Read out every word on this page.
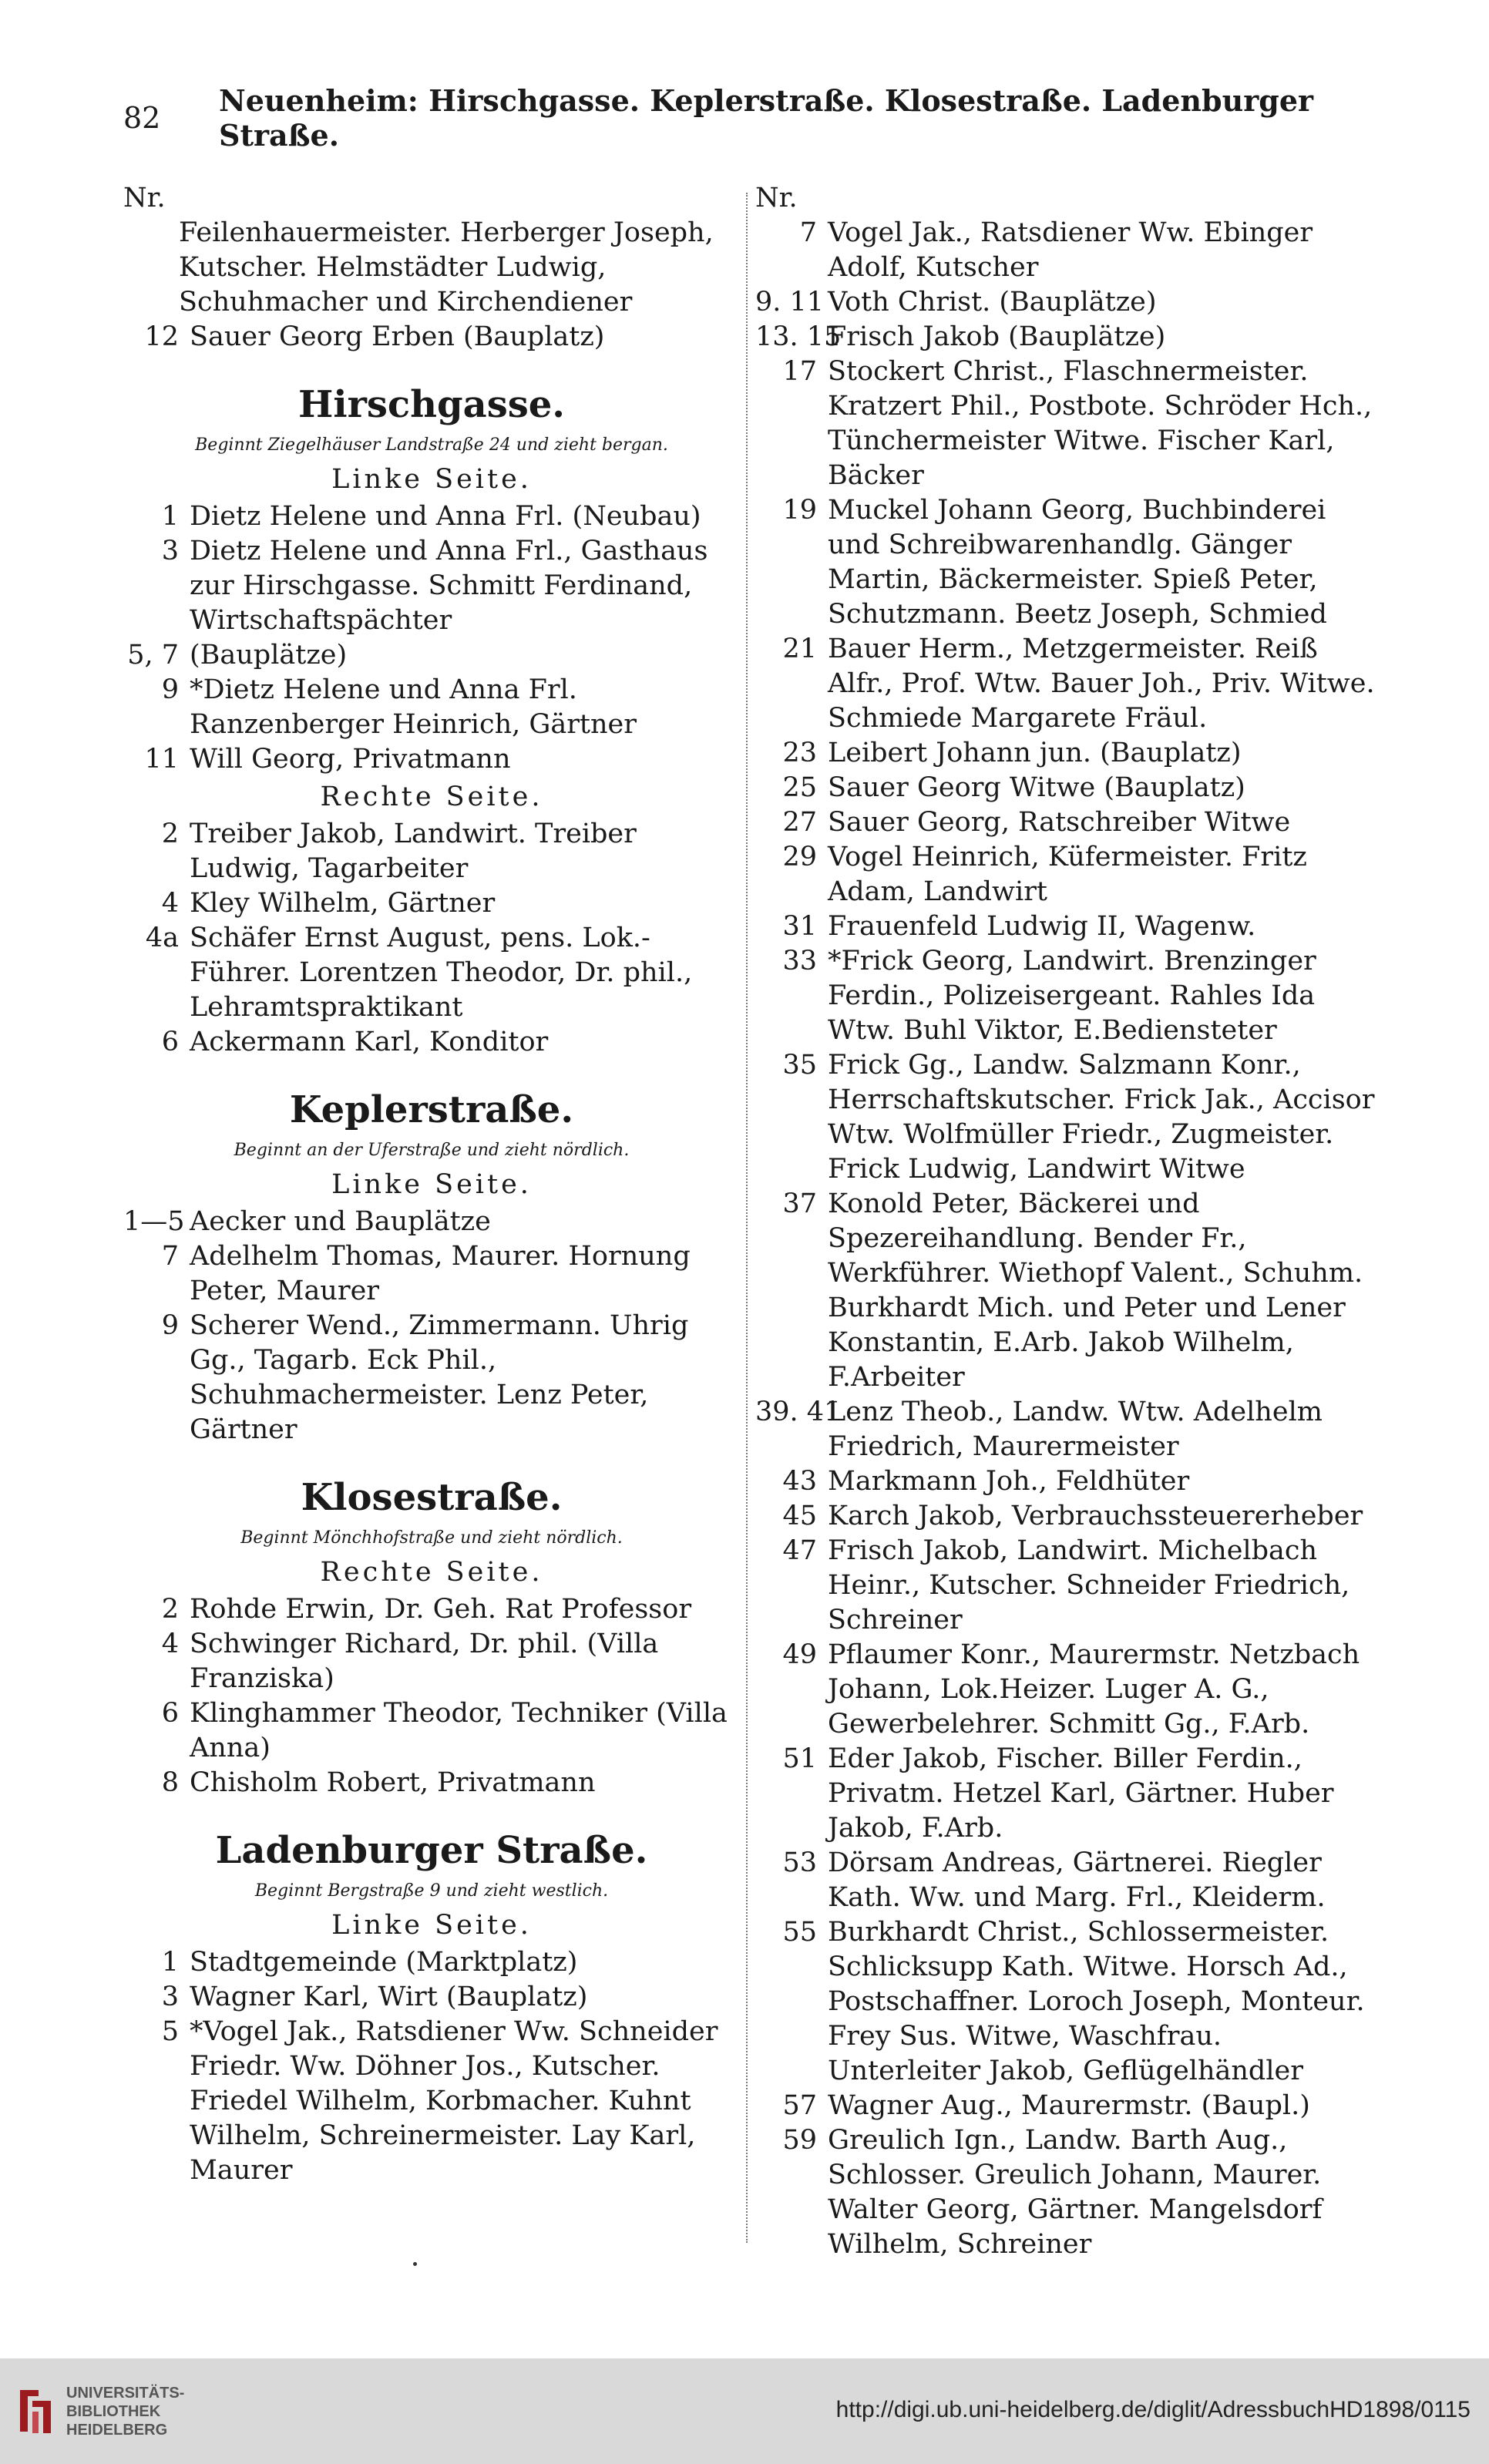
82	Neuenheim: Hirschgasse. Keplerstraße. Klosestraße. Ladenburger Straße.
Nr.
Feilenhauermeister. Herberger Joseph, Kutscher. Helmstädter Ludwig, Schuhmacher und Kirchendiener
12 Sauer Georg Erben (Bauplatz)
Hirschgasse.
Beginnt Ziegelhäuser Landstraße 24 und zieht bergan.
Linke Seite.
1 Dietz Helene und Anna Frl. (Neubau)
3 Dietz Helene und Anna Frl., Gasthaus zur Hirschgasse. Schmitt Ferdinand, Wirtschaftspächter
5, 7 (Bauplätze)
9 *Dietz Helene und Anna Frl. Ranzenberger Heinrich, Gärtner
11 Will Georg, Privatmann
Rechte Seite.
2 Treiber Jakob, Landwirt. Treiber Ludwig, Tagarbeiter
4 Kley Wilhelm, Gärtner
4a Schäfer Ernst August, pens. Lok.-Führer. Lorentzen Theodor, Dr. phil., Lehramtspraktikant
6 Ackermann Karl, Konditor
Keplerstraße.
Beginnt an der Uferstraße und zieht nördlich.
Linke Seite.
1—5 Aecker und Bauplätze
7 Adelhelm Thomas, Maurer. Hornung Peter, Maurer
9 Scherer Wend., Zimmermann. Uhrig Gg., Tagarb. Eck Phil., Schuhmachermeister. Lenz Peter, Gärtner
Klosestraße.
Beginnt Mönchhofstraße und zieht nördlich.
Rechte Seite.
2 Rohde Erwin, Dr. Geh. Rat Professor
4 Schwinger Richard, Dr. phil. (Villa Franziska)
6 Klinghammer Theodor, Techniker (Villa Anna)
8 Chisholm Robert, Privatmann
Ladenburger Straße.
Beginnt Bergstraße 9 und zieht westlich.
Linke Seite.
1 Stadtgemeinde (Marktplatz)
3 Wagner Karl, Wirt (Bauplatz)
5 *Vogel Jak., Ratsdiener Ww. Schneider Friedr. Ww. Döhner Jos., Kutscher. Friedel Wilhelm, Korbmacher. Kuhnt Wilhelm, Schreinermeister. Lay Karl, Maurer
Nr.
7 Vogel Jak., Ratsdiener Ww. Ebinger Adolf, Kutscher
9. 11 Voth Christ. (Bauplätze)
13. 15
Frisch Jakob (Bauplätze)
17 Stockert Christ., Flaschnermeister. Kratzert Phil., Postbote. Schröder Hch., Tünchermeister Witwe. Fischer Karl, Bäcker
19 Muckel Johann Georg, Buchbinderei und Schreibwarenhandlg. Gänger Martin, Bäckermeister. Spieß Peter, Schutzmann. Beetz Joseph, Schmied
21 Bauer Herm., Metzgermeister. Reiß Alfr., Prof. Wtw. Bauer Joh., Priv. Witwe. Schmiede Margarete Fräul.
23 Leibert Johann jun. (Bauplatz)
25 Sauer Georg Witwe (Bauplatz)
27 Sauer Georg, Ratschreiber Witwe
29 Vogel Heinrich, Küfermeister. Fritz Adam, Landwirt
31 Frauenfeld Ludwig II, Wagenw.
33 *Frick Georg, Landwirt. Brenzinger Ferdin., Polizeisergeant. Rahles Ida Wtw. Buhl Viktor, E.Bediensteter
35 Frick Gg., Landw. Salzmann Konr., Herrschaftskutscher. Frick Jak., Accisor Wtw. Wolfmüller Friedr., Zugmeister. Frick Ludwig, Landwirt Witwe
37 Konold Peter, Bäckerei und Spezereihandlung. Bender Fr., Werkführer. Wiethopf Valent., Schuhm. Burkhardt Mich. und Peter und Lener Konstantin, E.Arb. Jakob Wilhelm, F.Arbeiter
39. 41
Lenz Theob., Landw. Wtw. Adelhelm Friedrich, Maurermeister
43 Markmann Joh., Feldhüter
45 Karch Jakob, Verbrauchssteuererheber
47 Frisch Jakob, Landwirt. Michelbach Heinr., Kutscher. Schneider Friedrich, Schreiner
49 Pflaumer Konr., Maurermstr. Netzbach Johann, Lok.Heizer. Luger A. G., Gewerbelehrer. Schmitt Gg., F.Arb.
51 Eder Jakob, Fischer. Biller Ferdin., Privatm. Hetzel Karl, Gärtner. Huber Jakob, F.Arb.
53 Dörsam Andreas, Gärtnerei. Riegler Kath. Ww. und Marg. Frl., Kleiderm.
55 Burkhardt Christ., Schlossermeister. Schlicksupp Kath. Witwe. Horsch Ad., Postschaffner. Loroch Joseph, Monteur. Frey Sus. Witwe, Waschfrau. Unterleiter Jakob, Geflügelhändler
57 Wagner Aug., Maurermstr. (Baupl.)
59 Greulich Ign., Landw. Barth Aug., Schlosser. Greulich Johann, Maurer. Walter Georg, Gärtner. Mangelsdorf Wilhelm, Schreiner
UNIVERSITÄTS-
BIBLIOTHEK
HEIDELBERG
http://digi.ub.uni-heidelberg.de/diglit/AdressbuchHD1898/0115
